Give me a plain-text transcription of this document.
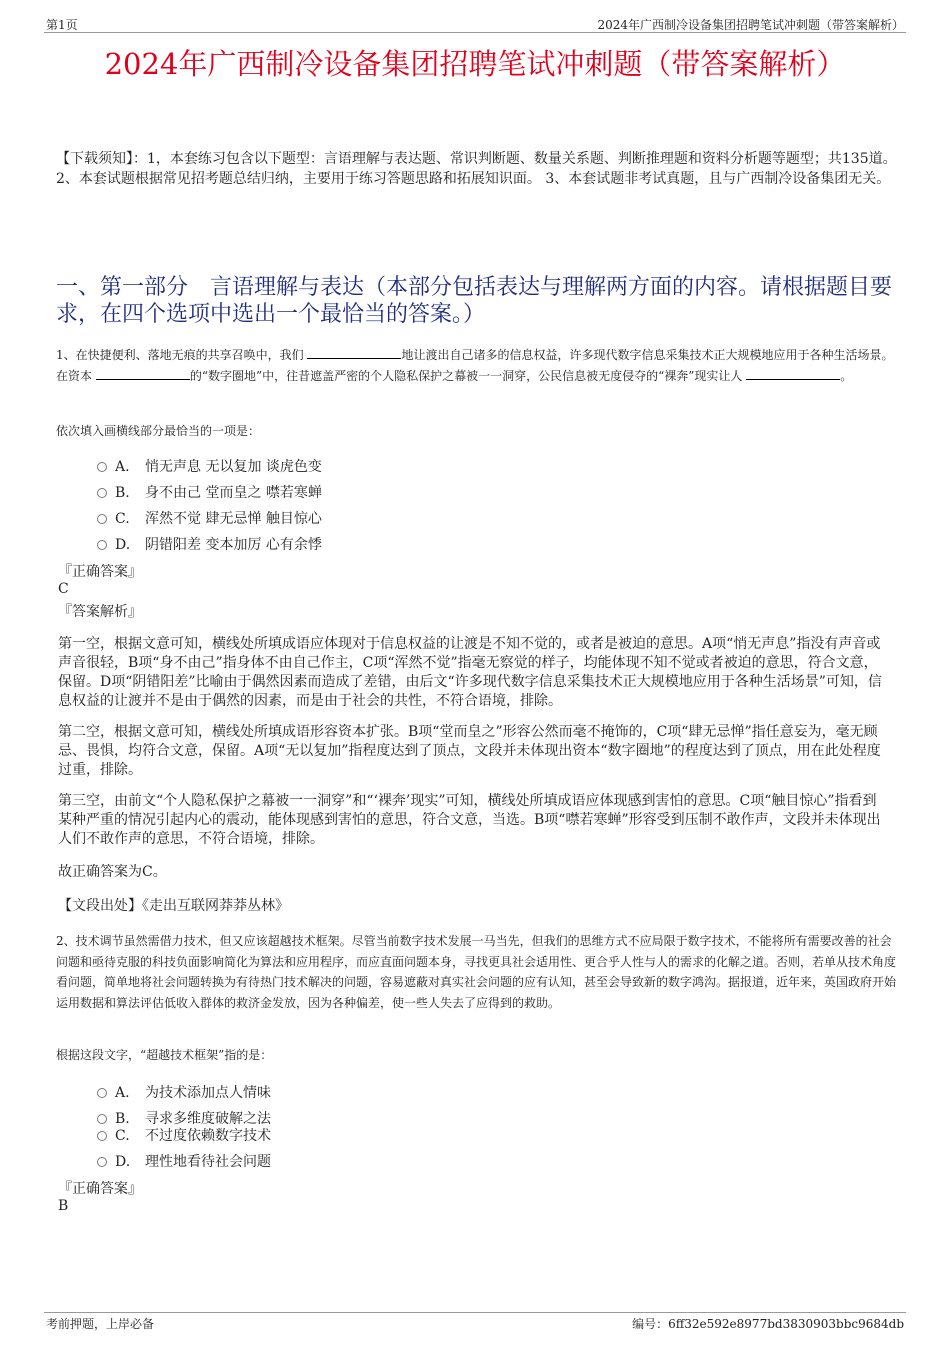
第1页	2024年广西制冷设备集团招聘笔试冲刺题（带答案解析）
2024年广西制冷设备集团招聘笔试冲刺题（带答案解析）
【下载须知】：1，本套练习包含以下题型：言语理解与表达题、常识判断题、数量关系题、判断推理题和资料分析题等题型；共135道。 2、本套试题根据常见招考题总结归纳，主要用于练习答题思路和拓展知识面。 3、本套试题非考试真题，且与广西制冷设备集团无关。
一、第一部分　言语理解与表达（本部分包括表达与理解两方面的内容。请根据题目要求，在四个选项中选出一个最恰当的答案。）
1、在快捷便利、落地无痕的共享召唤中，我们	地让渡出自己诸多的信息权益，许多现代数字信息采集技术正大规模地应用于各种生活场景。在资本	的“数字圈地”中，往昔遮盖严密的个人隐私保护之幕被一一洞穿，公民信息被无度侵夺的“裸奔”现实让人	。
依次填入画横线部分最恰当的一项是：
A. 悄无声息 无以复加 谈虎色变
B. 身不由己 堂而皇之 噤若寒蝉
C. 浑然不觉 肆无忌惮 触目惊心
D. 阴错阳差 变本加厉 心有余悸
『正确答案』
C
『答案解析』
第一空，根据文意可知，横线处所填成语应体现对于信息权益的让渡是不知不觉的，或者是被迫的意思。A项“悄无声息”指没有声音或声音很轻，B项“身不由己”指身体不由自己作主，C项“浑然不觉”指毫无察觉的样子，均能体现不知不觉或者被迫的意思，符合文意，保留。D项“阴错阳差”比喻由于偶然因素而造成了差错，由后文“许多现代数字信息采集技术正大规模地应用于各种生活场景”可知，信息权益的让渡并不是由于偶然的因素，而是由于社会的共性，不符合语境，排除。
第二空，根据文意可知，横线处所填成语形容资本扩张。B项“堂而皇之”形容公然而毫不掩饰的，C项“肆无忌惮”指任意妄为，毫无顾忌、畏惧，均符合文意，保留。A项“无以复加”指程度达到了顶点，文段并未体现出资本“数字圈地”的程度达到了顶点，用在此处程度过重，排除。
第三空，由前文“个人隐私保护之幕被一一洞穿”和“‘裸奔’现实”可知，横线处所填成语应体现感到害怕的意思。C项“触目惊心”指看到某种严重的情况引起内心的震动，能体现感到害怕的意思，符合文意，当选。B项“噤若寒蝉”形容受到压制不敢作声，文段并未体现出人们不敢作声的意思，不符合语境，排除。
故正确答案为C。
【文段出处】《走出互联网莽莽丛林》
2、技术调节虽然需借力技术，但又应该超越技术框架。尽管当前数字技术发展一马当先，但我们的思维方式不应局限于数字技术，不能将所有需要改善的社会问题和亟待克服的科技负面影响简化为算法和应用程序，而应直面问题本身，寻找更具社会适用性、更合乎人性与人的需求的化解之道。否则，若单从技术角度看问题，简单地将社会问题转换为有待热门技术解决的问题，容易遮蔽对真实社会问题的应有认知，甚至会导致新的数字鸿沟。据报道，近年来，英国政府开始运用数据和算法评估低收入群体的救济金发放，因为各种偏差，使一些人失去了应得到的救助。
根据这段文字，“超越技术框架”指的是：
A. 为技术添加点人情味
B. 寻求多维度破解之法
C. 不过度依赖数字技术
D. 理性地看待社会问题
『正确答案』
B
考前押题，上岸必备	编号：6ff32e592e8977bd3830903bbc9684db
